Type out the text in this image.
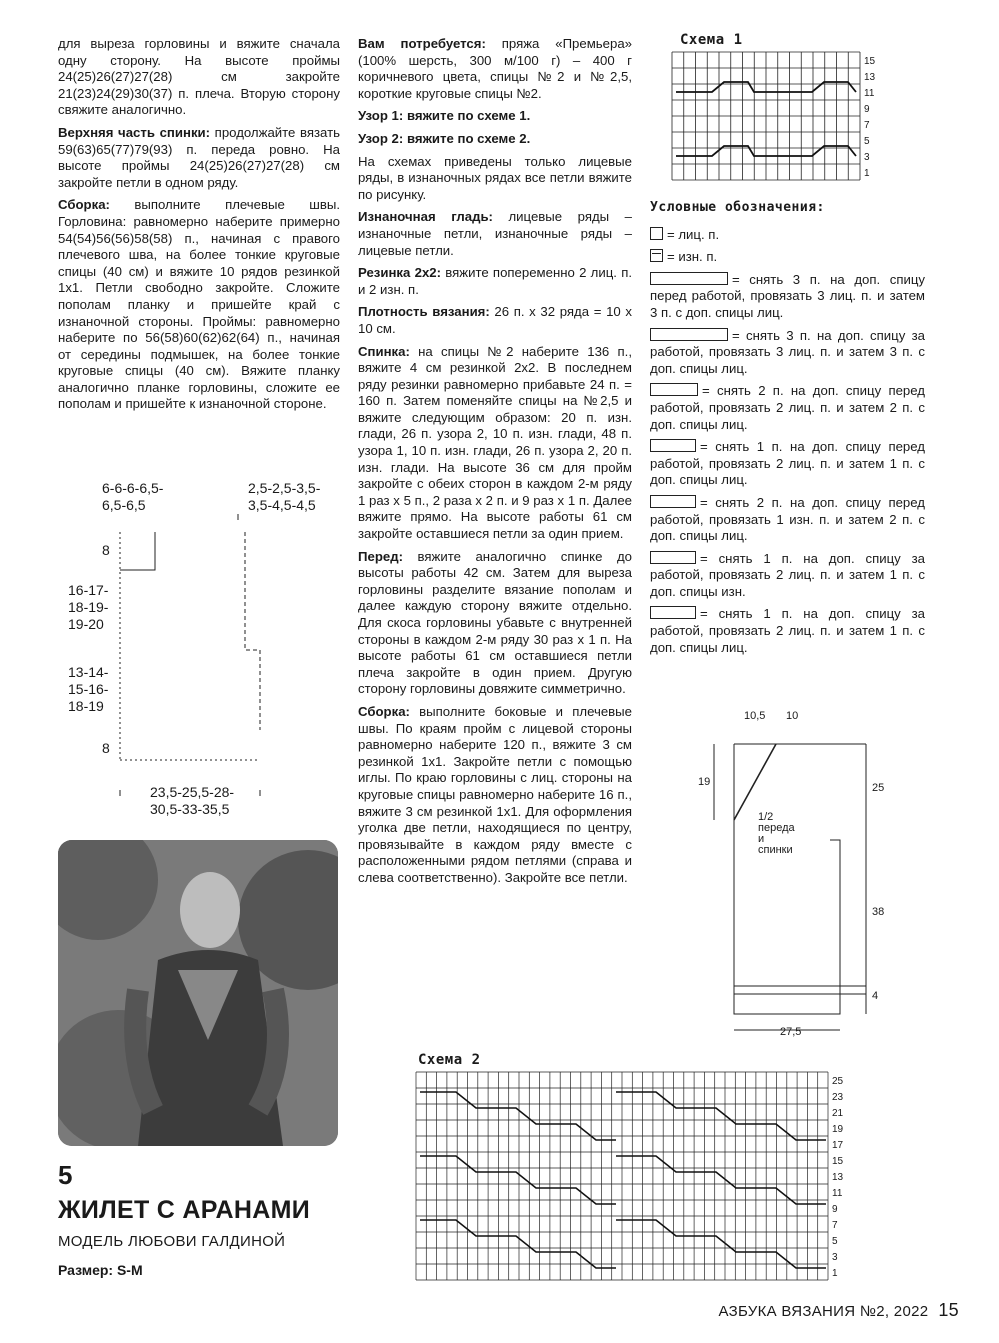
для выреза горловины и вяжите сначала одну сторону. На высоте проймы 24(25)26(27)27(28) см закройте 21(23)24(29)30(37) п. плеча. Вторую сторону свяжите аналогично.

Верхняя часть спинки: продолжайте вязать 59(63)65(77)79(93) п. переда ровно. На высоте проймы 24(25)26(27)27(28) см закройте петли в одном ряду.

Сборка: выполните плечевые швы. Горловина: равномерно наберите примерно 54(54)56(56)58(58) п., начиная с правого плечевого шва, на более тонкие круговые спицы (40 см) и вяжите 10 рядов резинкой 1х1. Петли свободно закройте. Сложите пополам планку и пришейте край с изнаночной стороны. Проймы: равномерно наберите по 56(58)60(62)62(64) п., начиная от середины подмышек, на более тонкие круговые спицы (40 см). Вяжите планку аналогично планке горловины, сложите ее пополам и пришейте к изнаночной стороне.

Вам потребуется: пряжа «Премьера» (100% шерсть, 300 м/100 г) – 400 г коричневого цвета, спицы №2 и №2,5, короткие круговые спицы №2.

Узор 1: вяжите по схеме 1.

Узор 2: вяжите по схеме 2.

На схемах приведены только лицевые ряды, в изнаночных рядах все петли вяжите по рисунку.

Изнаночная гладь: лицевые ряды – изнаночные петли, изнаночные ряды – лицевые петли.

Резинка 2х2: вяжите попеременно 2 лиц. п. и 2 изн. п.

Плотность вязания: 26 п. х 32 ряда = 10 х 10 см.

Спинка: на спицы №2 наберите 136 п., вяжите 4 см резинкой 2х2. В последнем ряду резинки равномерно прибавьте 24 п. = 160 п. Затем поменяйте спицы на №2,5 и вяжите следующим образом: 20 п. изн. глади, 26 п. узора 2, 10 п. изн. глади, 48 п. узора 1, 10 п. изн. глади, 26 п. узора 2, 20 п. изн. глади. На высоте 36 см для пройм закройте с обеих сторон в каждом 2-м ряду 1 раз х 5 п., 2 раза х 2 п. и 9 раз х 1 п. Далее вяжите прямо. На высоте работы 61 см закройте оставшиеся петли за один прием.

Перед: вяжите аналогично спинке до высоты работы 42 см. Затем для выреза горловины разделите вязание пополам и далее каждую сторону вяжите отдельно. Для скоса горловины убавьте с внутренней стороны в каждом 2-м ряду 30 раз х 1 п. На высоте работы 61 см оставшиеся петли плеча закройте в один прием. Другую сторону горловины довяжите симметрично.

Сборка: выполните боковые и плечевые швы. По краям пройм с лицевой стороны равномерно наберите 120 п., вяжите 3 см резинкой 1х1. Закройте петли с помощью иглы. По краю горловины с лиц. стороны на круговые спицы равномерно наберите 16 п., вяжите 3 см резинкой 1х1. Для оформления уголка две петли, находящиеся по центру, провязывайте в каждом ряду вместе с расположенными рядом петлями (справа и слева соответственно). Закройте все петли.

Схема 1
15
13
11
9
7
5
3
1
Условные обозначения:
= лиц. п.
= изн. п.
= снять 3 п. на доп. спицу перед работой, провязать 3 лиц. п. и затем 3 п. с доп. спицы лиц.
= снять 3 п. на доп. спицу за работой, провязать 3 лиц. п. и затем 3 п. с доп. спицы лиц.
= снять 2 п. на доп. спицу перед работой, провязать 2 лиц. п. и затем 2 п. с доп. спицы лиц.
= снять 1 п. на доп. спицу перед работой, провязать 2 лиц. п. и затем 1 п. с доп. спицы лиц.
= снять 2 п. на доп. спицу перед работой, провязать 1 изн. п. и затем 2 п. с доп. спицы лиц.
= снять 1 п. на доп. спицу за работой, провязать 2 лиц. п. и затем 1 п. с доп. спицы изн.
= снять 1 п. на доп. спицу за работой, провязать 2 лиц. п. и затем 1 п. с доп. спицы лиц.
6-6-6-6,5-
6,5-6,5
2,5-2,5-3,5-
3,5-4,5-4,5
8
16-17-
18-19-
19-20
13-14-
15-16-
18-19
8
23,5-25,5-28-
30,5-33-35,5
5
ЖИЛЕТ С АРАНАМИ
МОДЕЛЬ ЛЮБОВИ ГАЛДИНОЙ
Размер: S-M
10,5 10
19	25
1/2
переда
и
спинки
38
4
27,5
Схема 2
25
23
21
19
17
15
13
11
9
7
5
3
1
АЗБУКА ВЯЗАНИЯ №2, 2022 15
